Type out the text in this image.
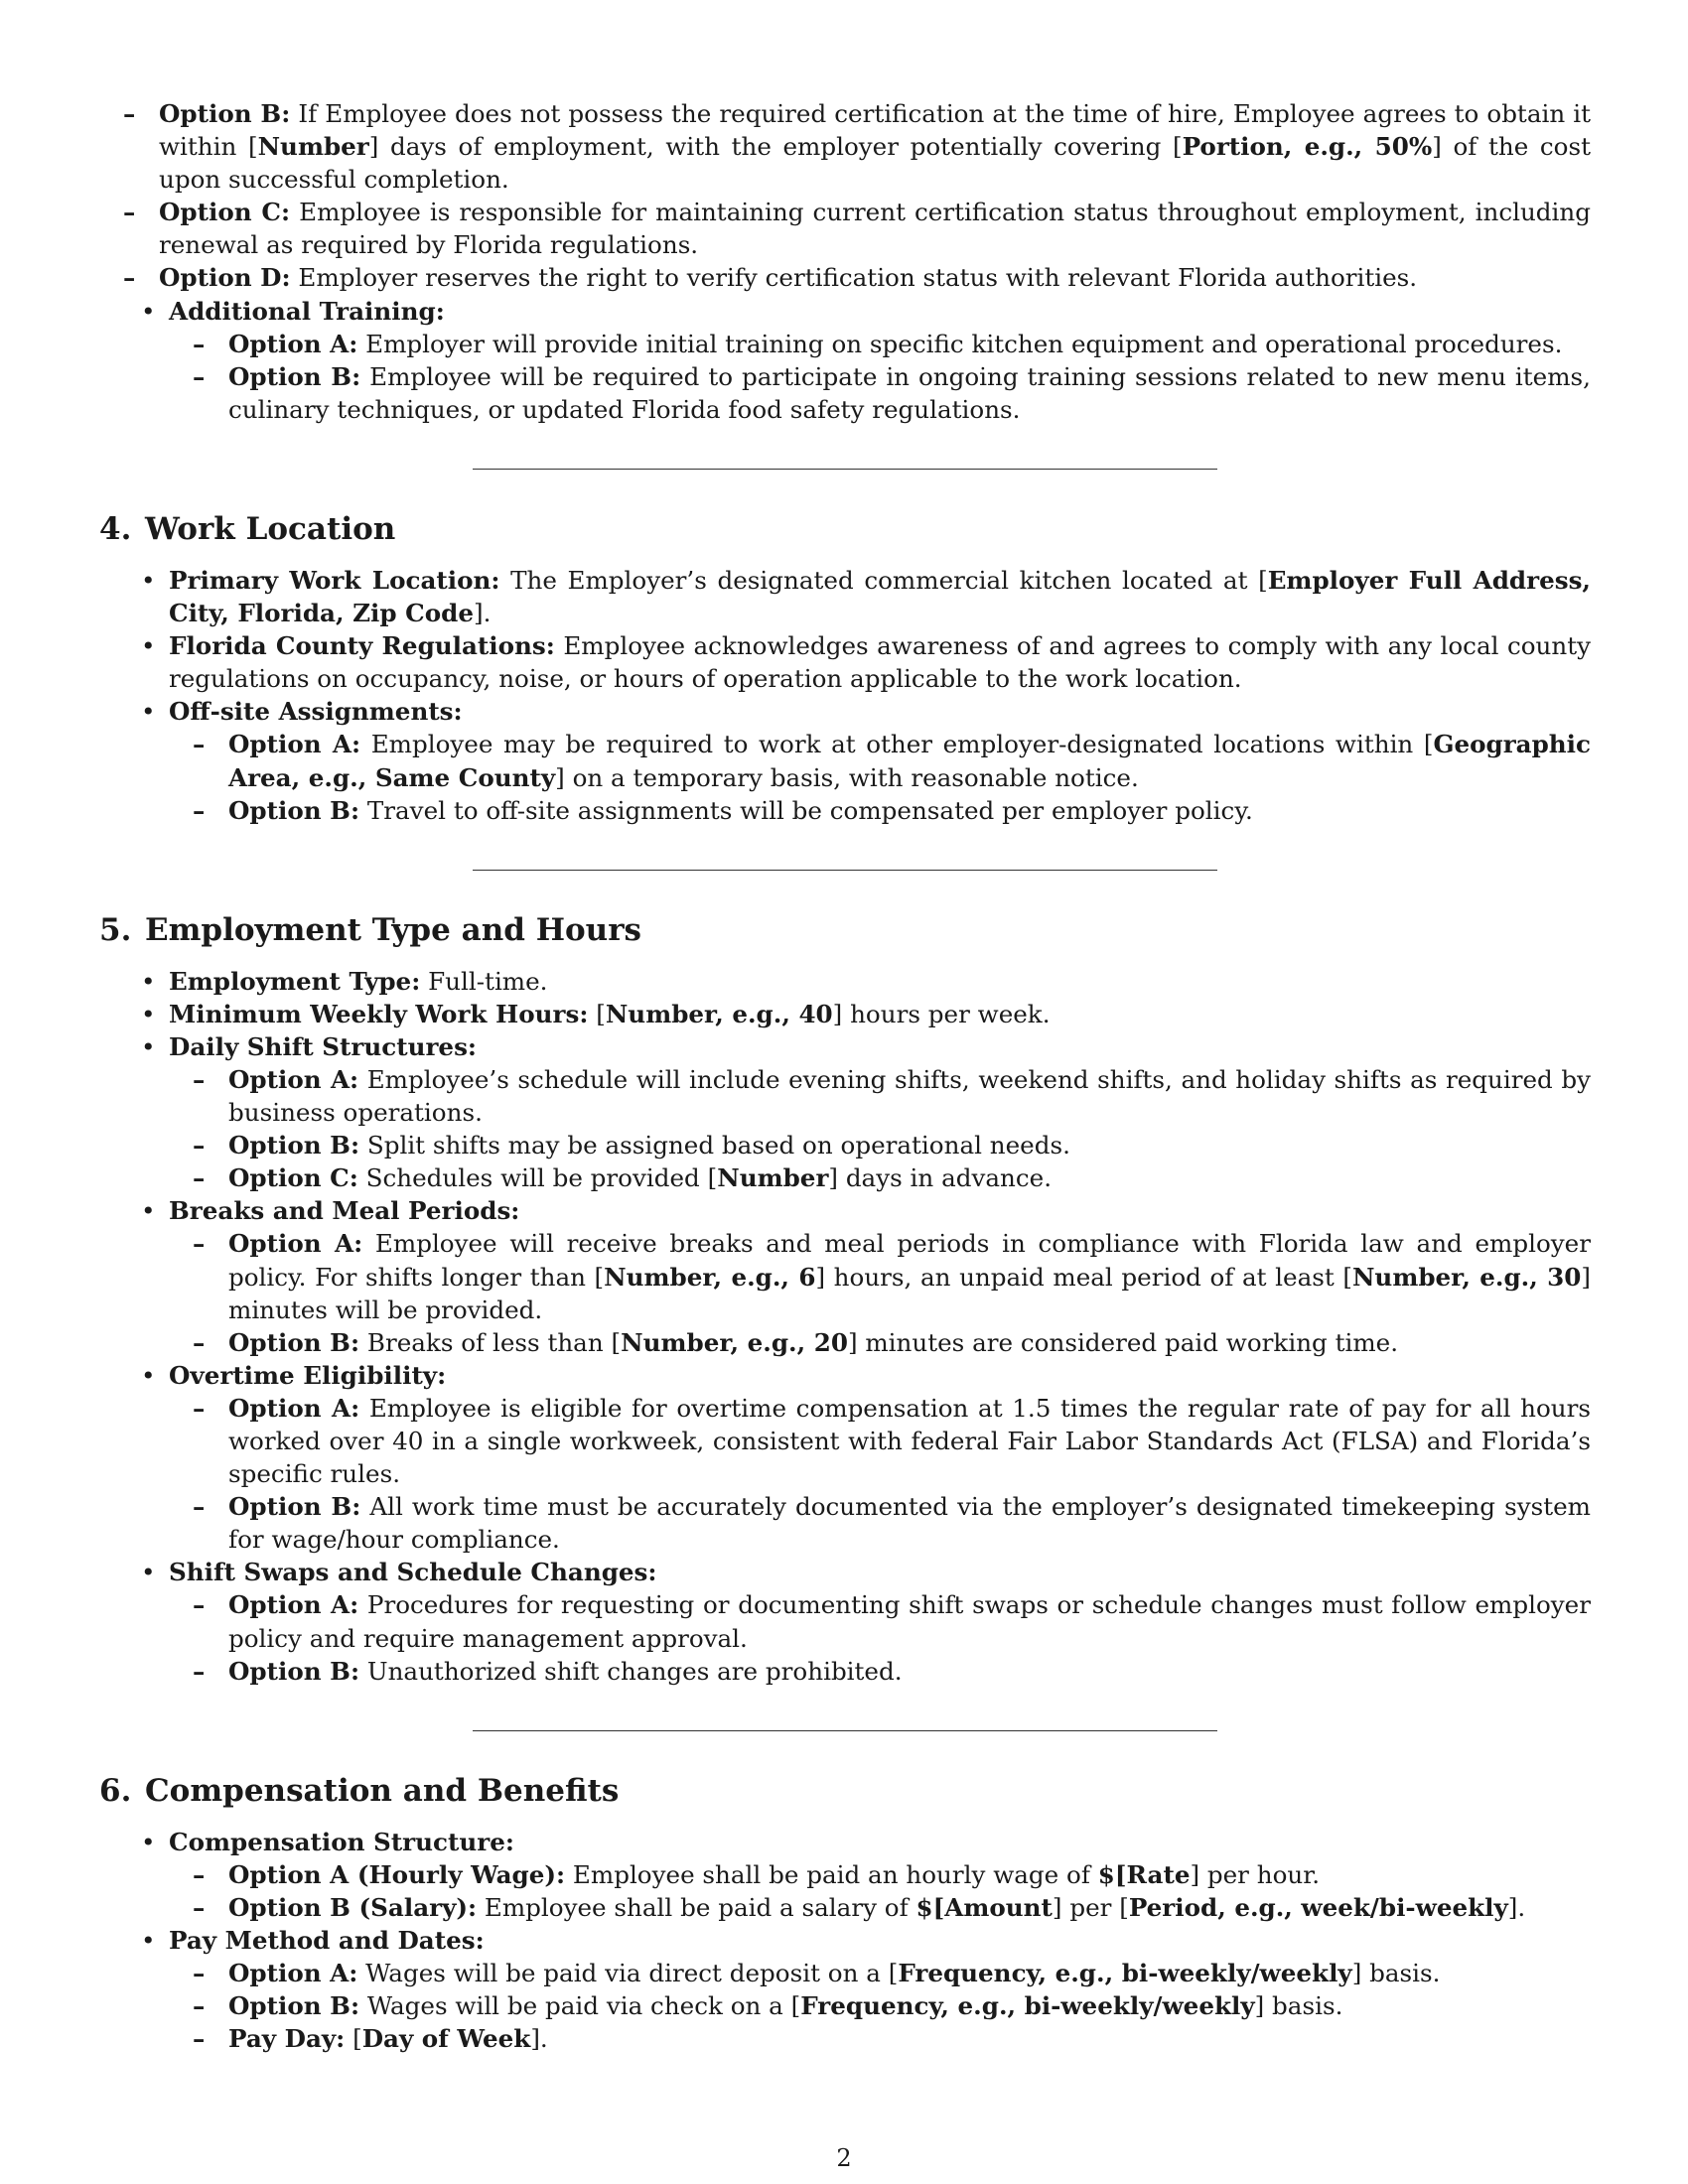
– Option B: If Employee does not possess the required certification at the time of hire, Employee agrees to obtain it within [Number] days of employment, with the employer potentially covering [Portion, e.g., 50%] of the cost upon successful completion.
– Option C: Employee is responsible for maintaining current certification status throughout employment, including renewal as required by Florida regulations.
– Option D: Employer reserves the right to verify certification status with relevant Florida authorities.
• Additional Training:
– Option A: Employer will provide initial training on specific kitchen equipment and operational procedures.
– Option B: Employee will be required to participate in ongoing training sessions related to new menu items, culinary techniques, or updated Florida food safety regulations.
4. Work Location
• Primary Work Location: The Employer’s designated commercial kitchen located at [Employer Full Address, City, Florida, Zip Code].
• Florida County Regulations: Employee acknowledges awareness of and agrees to comply with any local county regulations on occupancy, noise, or hours of operation applicable to the work location.
• Off-site Assignments:
– Option A: Employee may be required to work at other employer-designated locations within [Geographic Area, e.g., Same County] on a temporary basis, with reasonable notice.
– Option B: Travel to off-site assignments will be compensated per employer policy.
5. Employment Type and Hours
• Employment Type: Full-time.
• Minimum Weekly Work Hours: [Number, e.g., 40] hours per week.
• Daily Shift Structures:
– Option A: Employee’s schedule will include evening shifts, weekend shifts, and holiday shifts as required by business operations.
– Option B: Split shifts may be assigned based on operational needs.
– Option C: Schedules will be provided [Number] days in advance.
• Breaks and Meal Periods:
– Option A: Employee will receive breaks and meal periods in compliance with Florida law and employer policy. For shifts longer than [Number, e.g., 6] hours, an unpaid meal period of at least [Number, e.g., 30] minutes will be provided.
– Option B: Breaks of less than [Number, e.g., 20] minutes are considered paid working time.
• Overtime Eligibility:
– Option A: Employee is eligible for overtime compensation at 1.5 times the regular rate of pay for all hours worked over 40 in a single workweek, consistent with federal Fair Labor Standards Act (FLSA) and Florida’s specific rules.
– Option B: All work time must be accurately documented via the employer’s designated timekeeping system for wage/hour compliance.
• Shift Swaps and Schedule Changes:
– Option A: Procedures for requesting or documenting shift swaps or schedule changes must follow employer policy and require management approval.
– Option B: Unauthorized shift changes are prohibited.
6. Compensation and Benefits
• Compensation Structure:
– Option A (Hourly Wage): Employee shall be paid an hourly wage of $[Rate] per hour.
– Option B (Salary): Employee shall be paid a salary of $[Amount] per [Period, e.g., week/bi-weekly].
• Pay Method and Dates:
– Option A: Wages will be paid via direct deposit on a [Frequency, e.g., bi-weekly/weekly] basis.
– Option B: Wages will be paid via check on a [Frequency, e.g., bi-weekly/weekly] basis.
– Pay Day: [Day of Week].
2
